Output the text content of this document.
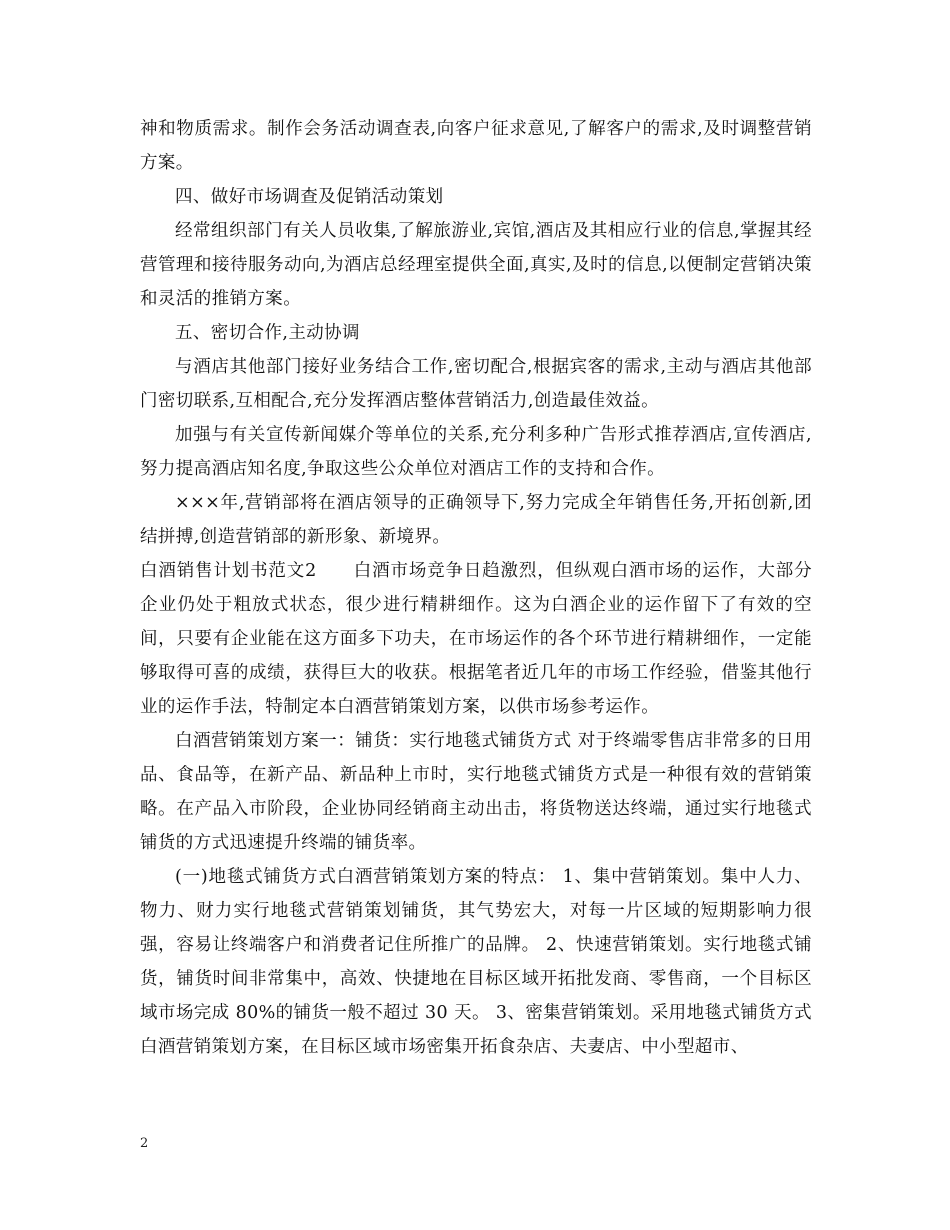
神和物质需求。制作会务活动调查表,向客户征求意见,了解客户的需求,及时调整营销方案。

四、做好市场调查及促销活动策划

经常组织部门有关人员收集,了解旅游业,宾馆,酒店及其相应行业的信息,掌握其经营管理和接待服务动向,为酒店总经理室提供全面,真实,及时的信息,以便制定营销决策和灵活的推销方案。

五、密切合作,主动协调

与酒店其他部门接好业务结合工作,密切配合,根据宾客的需求,主动与酒店其他部门密切联系,互相配合,充分发挥酒店整体营销活力,创造最佳效益。

加强与有关宣传新闻媒介等单位的关系,充分利多种广告形式推荐酒店,宣传酒店,努力提高酒店知名度,争取这些公众单位对酒店工作的支持和合作。

×××年,营销部将在酒店领导的正确领导下,努力完成全年销售任务,开拓创新,团结拼搏,创造营销部的新形象、新境界。

白酒销售计划书范文2　　白酒市场竞争日趋激烈，但纵观白酒市场的运作，大部分企业仍处于粗放式状态，很少进行精耕细作。这为白酒企业的运作留下了有效的空间，只要有企业能在这方面多下功夫，在市场运作的各个环节进行精耕细作，一定能够取得可喜的成绩，获得巨大的收获。根据笔者近几年的市场工作经验，借鉴其他行业的运作手法，特制定本白酒营销策划方案，以供市场参考运作。

白酒营销策划方案一：铺货：实行地毯式铺货方式 对于终端零售店非常多的日用品、食品等，在新产品、新品种上市时，实行地毯式铺货方式是一种很有效的营销策略。在产品入市阶段，企业协同经销商主动出击，将货物送达终端，通过实行地毯式铺货的方式迅速提升终端的铺货率。

(一)地毯式铺货方式白酒营销策划方案的特点： 1、集中营销策划。集中人力、物力、财力实行地毯式营销策划铺货，其气势宏大，对每一片区域的短期影响力很强，容易让终端客户和消费者记住所推广的品牌。 2、快速营销策划。实行地毯式铺货，铺货时间非常集中，高效、快捷地在目标区域开拓批发商、零售商，一个目标区域市场完成 80%的铺货一般不超过 30 天。 3、密集营销策划。采用地毯式铺货方式白酒营销策划方案，在目标区域市场密集开拓食杂店、夫妻店、中小型超市、

2
